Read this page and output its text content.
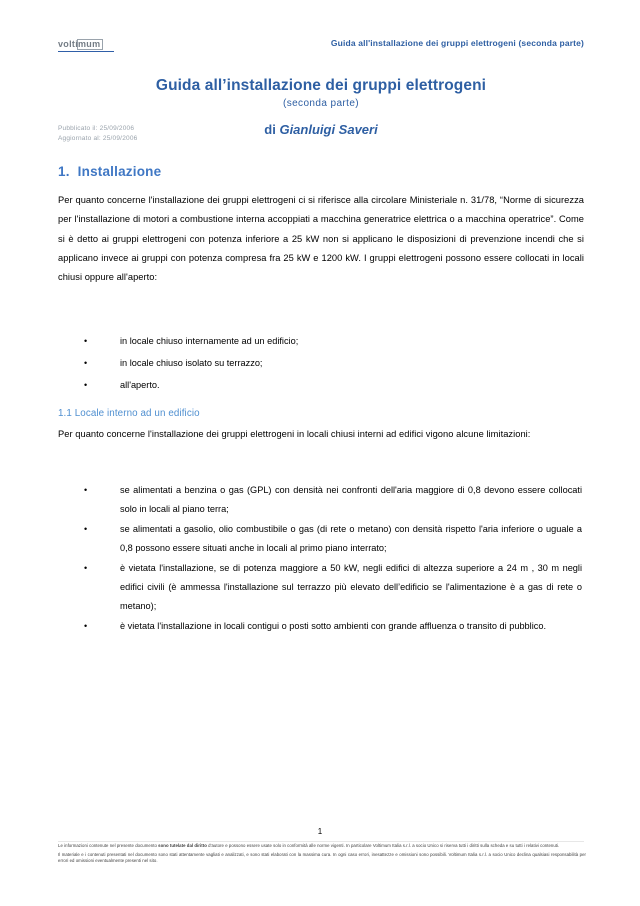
voltimum	Guida all'installazione dei gruppi elettrogeni (seconda parte)
Guida all’installazione dei gruppi elettrogeni
(seconda parte)
Pubblicato il: 25/09/2006
Aggiornato al: 25/09/2006
di Gianluigi Saveri
1. Installazione
Per quanto concerne l'installazione dei gruppi elettrogeni ci si riferisce alla circolare Ministeriale n. 31/78, “Norme di sicurezza per l'installazione di motori a combustione interna accoppiati a macchina generatrice elettrica o a macchina operatrice”. Come si è detto ai gruppi elettrogeni con potenza inferiore a 25 kW non si applicano le disposizioni di prevenzione incendi che si applicano invece ai gruppi con potenza compresa fra 25 kW e 1200 kW. I gruppi elettrogeni possono essere collocati in locali chiusi oppure all'aperto:
• in locale chiuso internamente ad un edificio;
• in locale chiuso isolato su terrazzo;
• all'aperto.
1.1 Locale interno ad un edificio
Per quanto concerne l'installazione dei gruppi elettrogeni in locali chiusi interni ad edifici vigono alcune limitazioni:
• se alimentati a benzina o gas (GPL) con densità nei confronti dell'aria maggiore di 0,8 devono essere collocati solo in locali al piano terra;
• se alimentati a gasolio, olio combustibile o gas (di rete o metano) con densità rispetto l'aria inferiore o uguale a 0,8 possono essere situati anche in locali al primo piano interrato;
• è vietata l'installazione, se di potenza maggiore a 50 kW, negli edifici di altezza superiore a 24 m , 30 m negli edifici civili (è ammessa l'installazione sul terrazzo più elevato dell’edificio se l'alimentazione è a gas di rete o metano);
• è vietata l'installazione in locali contigui o posti sotto ambienti con grande affluenza o transito di pubblico.
1

Le informazioni contenute nel presente documento sono tutelate dal diritto d'autore e possono essere usate solo in conformità alle norme vigenti. In particolare Voltimum Italia s.r.l. a socio Unico si riserva tutti i diritti sulla scheda e su tutti i relativi contenuti.

Il materiale e i contenuti presentati nel documento sono stati attentamente vagliati e analizzati, e sono stati elaborati con la massima cura. In ogni caso errori, inesattezze e omissioni sono possibili. Voltimum Italia s.r.l. a socio Unico declina qualsiasi responsabilità per errori ed omissioni eventualmente presenti nel sito.
